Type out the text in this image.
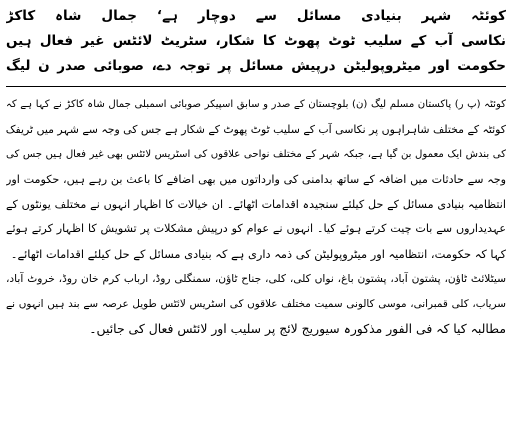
کوئٹہ شہر بنیادی مسائل سے دوچار ہے‘ جمال شاہ کاکڑ
نکاسی آب کے سلیب ٹوٹ پھوٹ کا شکار، سٹریٹ لائٹس غیر فعال ہیں
حکومت اور میٹروپولیٹن درپیش مسائل پر توجہ دے، صوبائی صدر ن لیگ
کوئٹہ (پ ر) پاکستان مسلم لیگ (ن) بلوچستان کے صدر و سابق اسپیکر صوبائی اسمبلی جمال شاہ کاکڑ نے کہا ہے کہ
کوئٹہ کے مختلف شاہراہوں پر نکاسی آب کے سلیب ٹوٹ پھوٹ کے شکار ہے جس کی وجہ سے شہر میں ٹریفک
کی بندش ایک معمول بن گیا ہے، جبکہ شہر کے مختلف نواحی علاقوں کی اسٹریس لائٹس بھی غیر فعال ہیں جس کی
وجہ سے حادثات میں اضافہ کے ساتھ بدامنی کی وارداتوں میں بھی اضافے کا باعث بن رہے ہیں، حکومت اور
انتظامیہ بنیادی مسائل کے حل کیلئے سنجیدہ اقدامات اٹھائے۔ ان خیالات کا اظہار انہوں نے مختلف یونٹوں کے
عہدیداروں سے بات چیت کرتے ہوئے کیا۔ انہوں نے عوام کو درپیش مشکلات پر تشویش کا اظہار کرتے ہوئے
کہا کہ حکومت، انتظامیہ اور میٹروپولیٹن کی ذمہ داری ہے کہ بنیادی مسائل کے حل کیلئے اقدامات اٹھائے۔
سیٹلائٹ ٹاؤن، پشتون آباد، پشتون باغ، نواں کلی، کلی، جناح ٹاؤن، سمنگلی روڈ، ارباب کرم خان روڈ، خروٹ آباد،
سریاب، کلی قمبرانی، موسی کالونی سمیت مختلف علاقوں کی اسٹریس لائٹس طویل عرصہ سے بند ہیں انہوں نے
مطالبہ کیا کہ فی الفور مذکورہ سیوریج لائج پر سلیب اور لائٹس فعال کی جائیں۔
